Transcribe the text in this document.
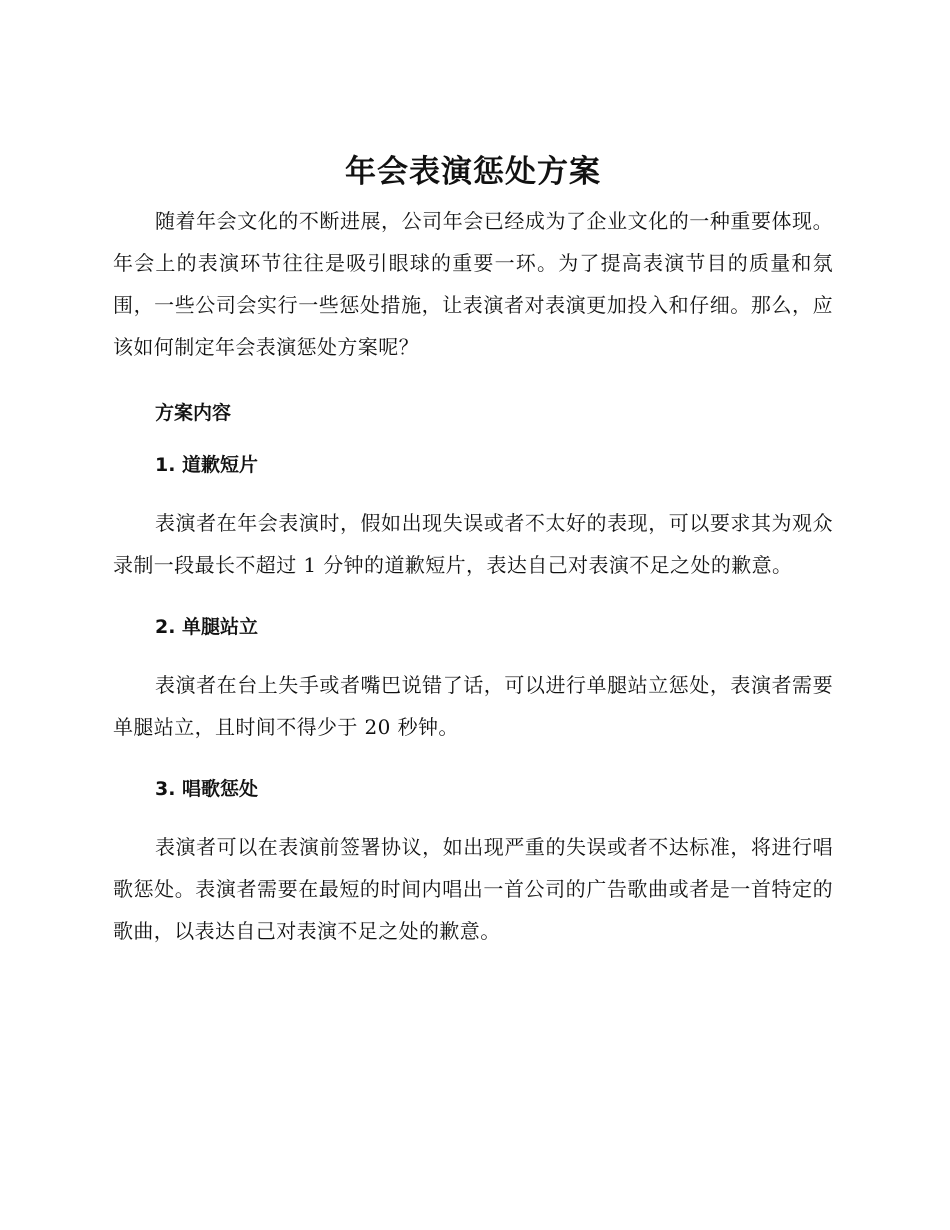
年会表演惩处方案

随着年会文化的不断进展，公司年会已经成为了企业文化的一种重要体现。年会上的表演环节往往是吸引眼球的重要一环。为了提高表演节目的质量和氛围，一些公司会实行一些惩处措施，让表演者对表演更加投入和仔细。那么，应该如何制定年会表演惩处方案呢？

方案内容
1. 道歉短片

表演者在年会表演时，假如出现失误或者不太好的表现，可以要求其为观众录制一段最长不超过 1 分钟的道歉短片，表达自己对表演不足之处的歉意。

2. 单腿站立

表演者在台上失手或者嘴巴说错了话，可以进行单腿站立惩处，表演者需要单腿站立，且时间不得少于 20 秒钟。

3. 唱歌惩处

表演者可以在表演前签署协议，如出现严重的失误或者不达标准，将进行唱歌惩处。表演者需要在最短的时间内唱出一首公司的广告歌曲或者是一首特定的歌曲，以表达自己对表演不足之处的歉意。
